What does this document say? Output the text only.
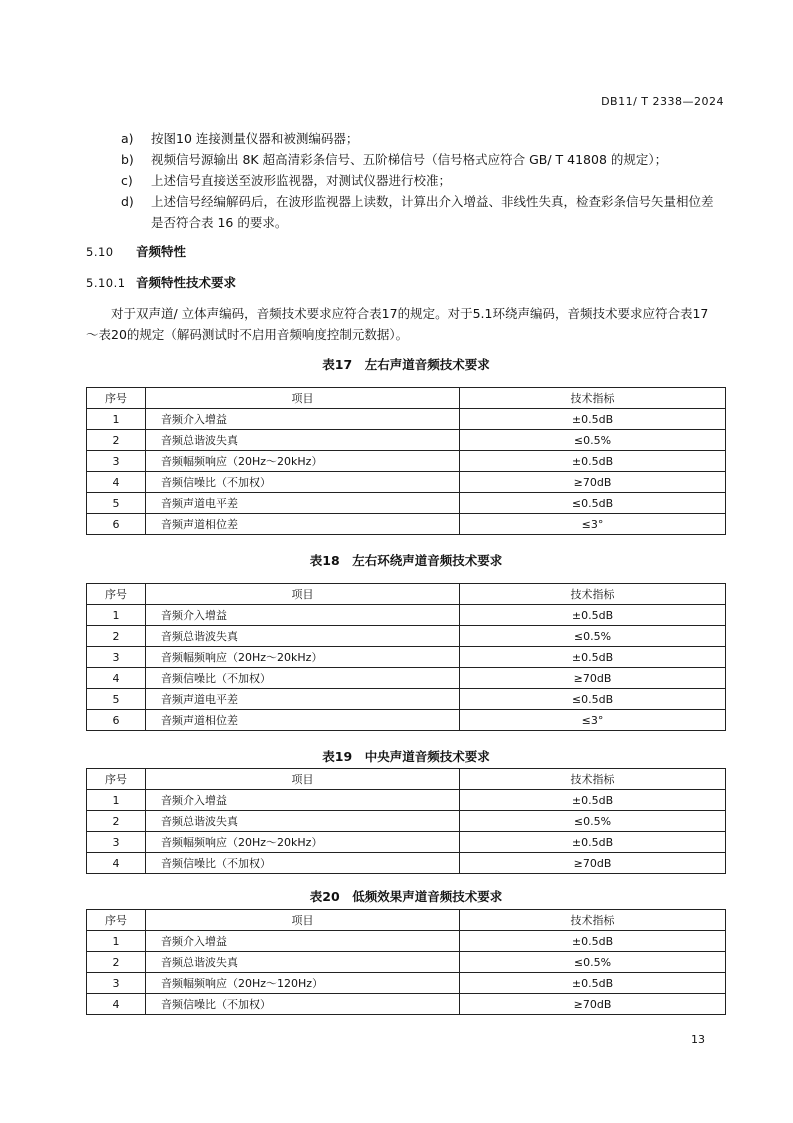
DB11/ T 2338—2024
a) 按图10 连接测量仪器和被测编码器；
b) 视频信号源输出 8K 超高清彩条信号、五阶梯信号（信号格式应符合 GB/ T 41808 的规定）；
c) 上述信号直接送至波形监视器，对测试仪器进行校准；
d) 上述信号经编解码后，在波形监视器上读数，计算出介入增益、非线性失真，检查彩条信号矢量相位差是否符合表 16 的要求。
5.10 音频特性
5.10.1 音频特性技术要求
对于双声道/ 立体声编码，音频技术要求应符合表17的规定。对于5.1环绕声编码，音频技术要求应符合表17～表20的规定（解码测试时不启用音频响度控制元数据）。
表17　左右声道音频技术要求
序号	项目	技术指标
1	音频介入增益	±0.5dB
2	音频总谐波失真	≤0.5%
3	音频幅频响应（20Hz～20kHz）	±0.5dB
4	音频信噪比（不加权）	≥70dB
5	音频声道电平差	≤0.5dB
6	音频声道相位差	≤3°
表18　左右环绕声道音频技术要求
序号	项目	技术指标
1	音频介入增益	±0.5dB
2	音频总谐波失真	≤0.5%
3	音频幅频响应（20Hz～20kHz）	±0.5dB
4	音频信噪比（不加权）	≥70dB
5	音频声道电平差	≤0.5dB
6	音频声道相位差	≤3°
表19　中央声道音频技术要求
序号	项目	技术指标
1	音频介入增益	±0.5dB
2	音频总谐波失真	≤0.5%
3	音频幅频响应（20Hz～20kHz）	±0.5dB
4	音频信噪比（不加权）	≥70dB
表20　低频效果声道音频技术要求
序号	项目	技术指标
1	音频介入增益	±0.5dB
2	音频总谐波失真	≤0.5%
3	音频幅频响应（20Hz～120Hz）	±0.5dB
4	音频信噪比（不加权）	≥70dB
13
